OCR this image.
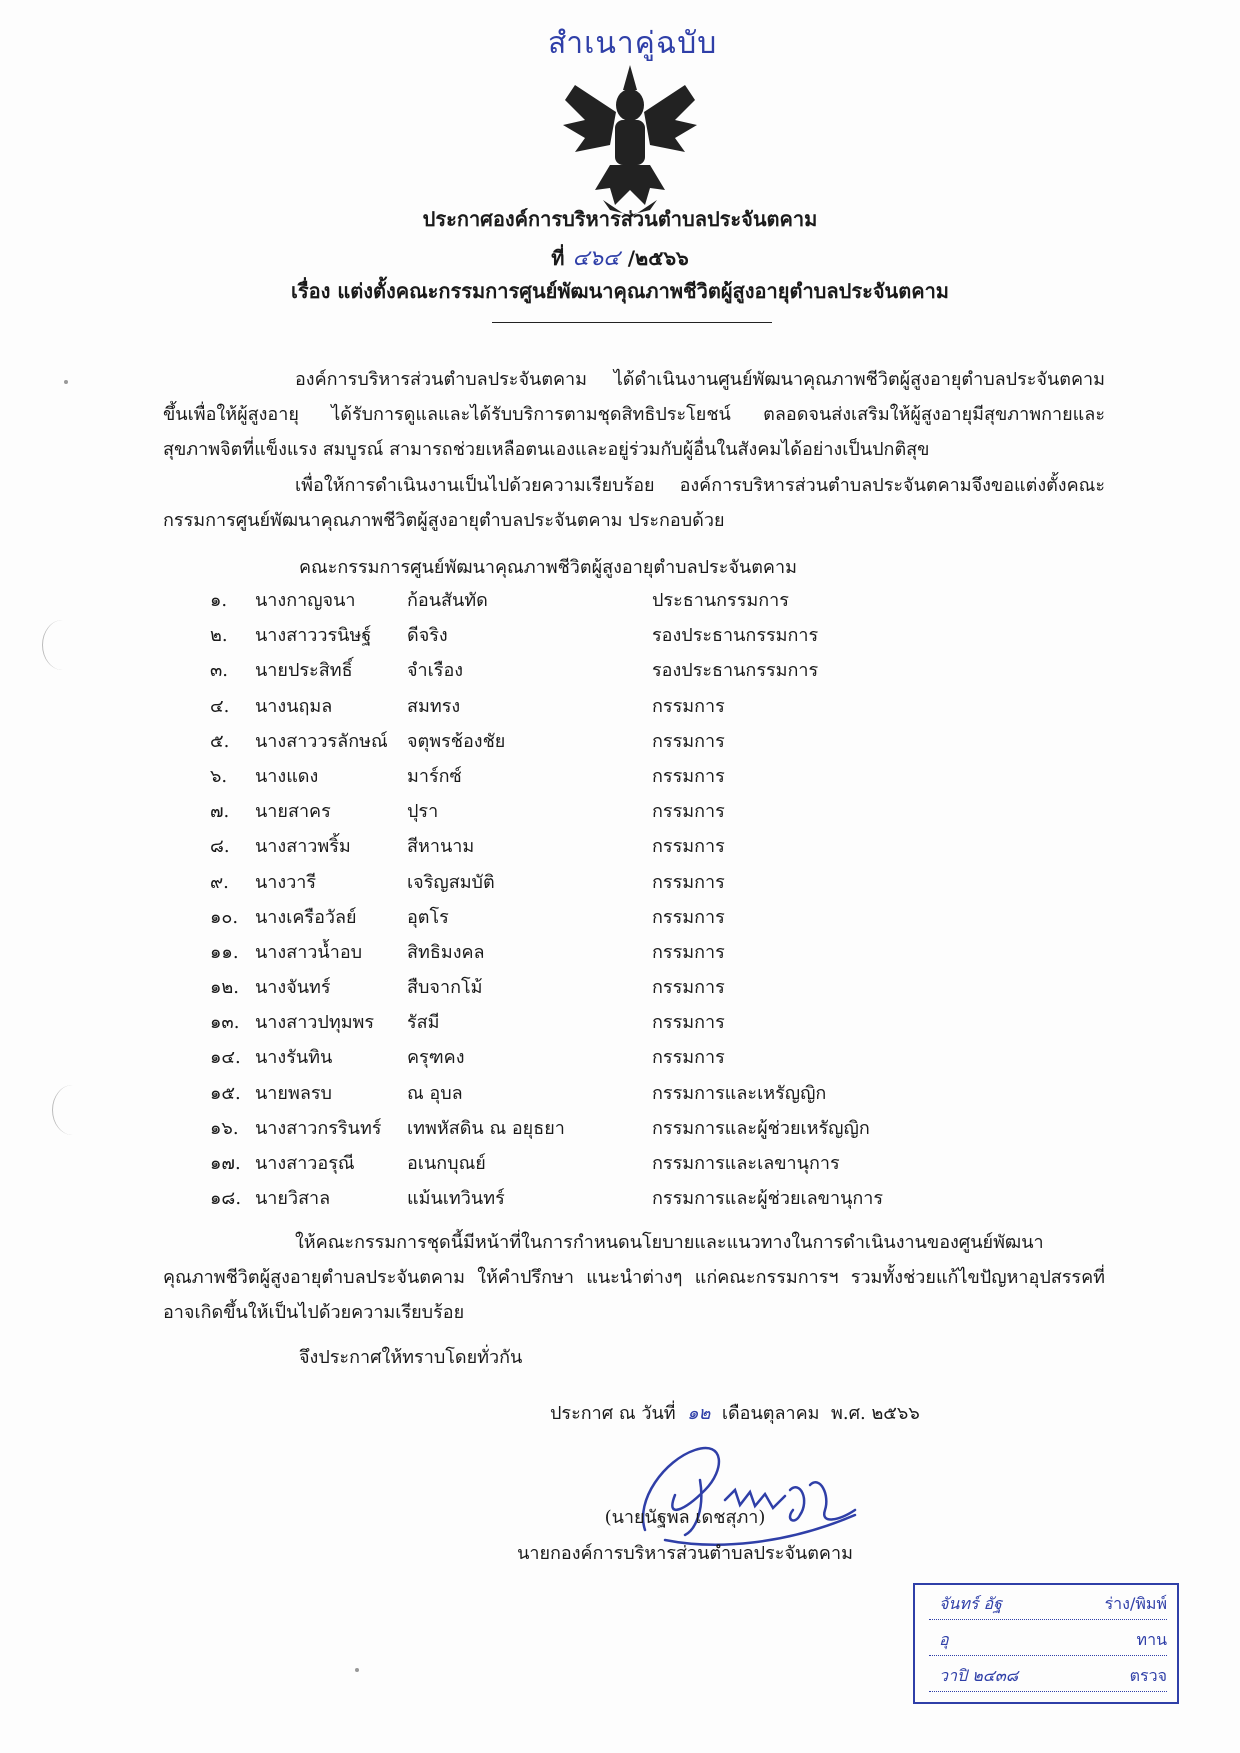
สำเนาคู่ฉบับ
ประกาศองค์การบริหารส่วนตำบลประจันตคาม
ที่ ๔๖๔ /๒๕๖๖
เรื่อง แต่งตั้งคณะกรรมการศูนย์พัฒนาคุณภาพชีวิตผู้สูงอายุตำบลประจันตคาม
องค์การบริหารส่วนตำบลประจันตคาม ได้ดำเนินงานศูนย์พัฒนาคุณภาพชีวิตผู้สูงอายุตำบลประจันตคาม ขึ้นเพื่อให้ผู้สูงอายุ ได้รับการดูแลและได้รับบริการตามชุดสิทธิประโยชน์ ตลอดจนส่งเสริมให้ผู้สูงอายุมีสุขภาพกายและสุขภาพจิตที่แข็งแรง สมบูรณ์ สามารถช่วยเหลือตนเองและอยู่ร่วมกับผู้อื่นในสังคมได้อย่างเป็นปกติสุข
เพื่อให้การดำเนินงานเป็นไปด้วยความเรียบร้อย องค์การบริหารส่วนตำบลประจันตคามจึงขอแต่งตั้งคณะกรรมการศูนย์พัฒนาคุณภาพชีวิตผู้สูงอายุตำบลประจันตคาม ประกอบด้วย
คณะกรรมการศูนย์พัฒนาคุณภาพชีวิตผู้สูงอายุตำบลประจันตคาม
๑. นางกาญจนา	ก้อนสันทัด	ประธานกรรมการ
๒. นางสาววรนิษฐ์ ดีจริง	รองประธานกรรมการ
๓. นายประสิทธิ์	จำเรือง	รองประธานกรรมการ
๔. นางนฤมล	สมทรง	กรรมการ
๕. นางสาววรลักษณ์ จตุพรช้องชัย	กรรมการ
๖. นางแดง	มาร์กซ์	กรรมการ
๗. นายสาคร	ปุรา	กรรมการ
๘. นางสาวพริ้ม	สีหานาม	กรรมการ
๙. นางวารี	เจริญสมบัติ	กรรมการ
๑๐. นางเครือวัลย์	อุตโร	กรรมการ
๑๑. นางสาวน้ำอบ สิทธิมงคล	กรรมการ
๑๒. นางจันทร์	สืบจากโม้	กรรมการ
๑๓. นางสาวปทุมพร รัสมี	กรรมการ
๑๔. นางรันทิน	ครุฑคง	กรรมการ
๑๕. นายพลรบ	ณ อุบล	กรรมการและเหรัญญิก
๑๖. นางสาวกรรินทร์ เทพหัสดิน ณ อยุธยา	กรรมการและผู้ช่วยเหรัญญิก
๑๗. นางสาวอรุณี	อเนกบุณย์	กรรมการและเลขานุการ
๑๘. นายวิสาล	แม้นเทวินทร์	กรรมการและผู้ช่วยเลขานุการ
ให้คณะกรรมการชุดนี้มีหน้าที่ในการกำหนดนโยบายและแนวทางในการดำเนินงานของศูนย์พัฒนาคุณภาพชีวิตผู้สูงอายุตำบลประจันตคาม ให้คำปรึกษา แนะนำต่างๆ แก่คณะกรรมการฯ รวมทั้งช่วยแก้ไขปัญหาอุปสรรคที่อาจเกิดขึ้นให้เป็นไปด้วยความเรียบร้อย
จึงประกาศให้ทราบโดยทั่วกัน
ประกาศ ณ วันที่ ๑๒ เดือนตุลาคม พ.ศ. ๒๕๖๖
(นายนัฐพล เดชสุภา)
นายกองค์การบริหารส่วนตำบลประจันตคาม
จันทร์ อัฐ	ร่าง/พิมพ์
อุ	ทาน
วาปิ ๒๔๓๘	ตรวจ
